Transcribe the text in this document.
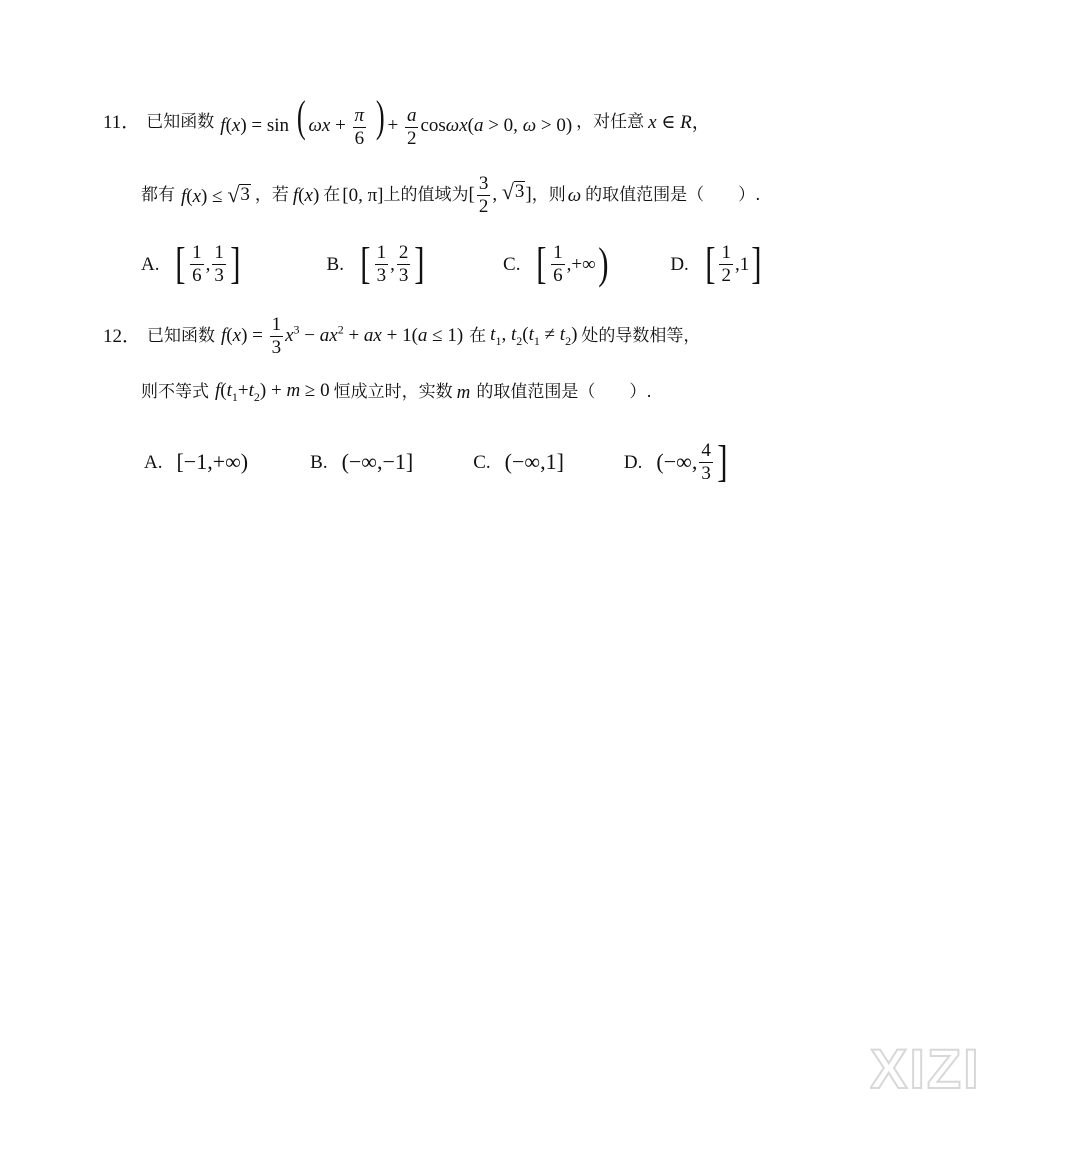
11． 已知函数 f(x) = sin ( $\omega x + \frac{\pi}{6}$ ) + $\frac{a}{2} \cos\omega x(a > 0$, ω > 0) ，对任意 x ∈ R ，
都有 f(x) ≤ √ 3 ，若 f(x) 在 [0, π] 上的值域为 [ $\frac{3}{2}$ , √ 3 ] ，则 ω 的取值范围是（　　）.
A. [ $\frac{1}{6}$ , $\frac{1}{3}$ ]	B. [ $\frac{1}{3}$ , $\frac{2}{3}$ ]	C. [ $\frac{1}{6}$ , +∞ )	D. [ $\frac{1}{2}$ , 1 ]
12． 已知函数 $f(x) = \frac{1}{3} x^3 - ax^2$ + ax + 1(a ≤ 1) 在 $t_1$, $t_2(t_1 \ne t_2)$ 处的导数相等，
则不等式 $f(t_1+t_2) + m \ge 0$ 恒成立时，实数 m 的取值范围是（　　）.
A. [−1,+∞)	B. (−∞,−1]	C. (−∞,1]	D. (−∞, $\frac{4}{3}$ ]
XIZI
